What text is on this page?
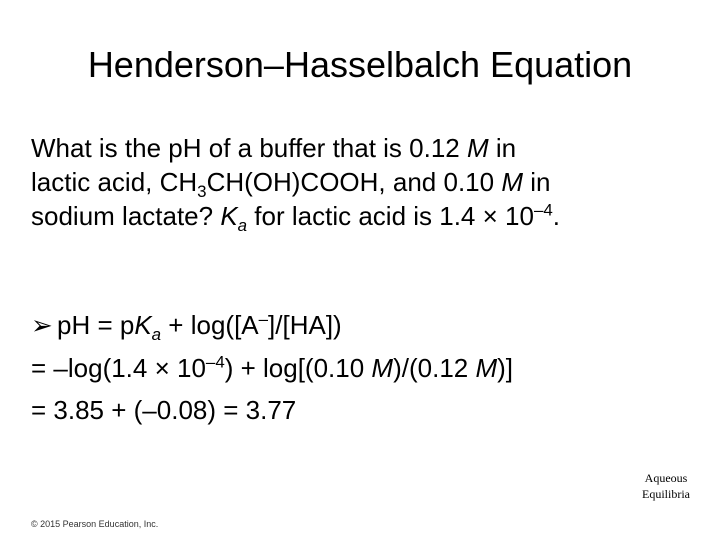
Henderson–Hasselbalch Equation
What is the pH of a buffer that is 0.12 M in
lactic acid, $CH_3CH(OH)COOH$, and 0.10 M in
sodium lactate? $K_a$ for lactic acid is $1.4 \times 10^{-4}$.
➢ pH = $pK_a + \log([A^-]/[HA])$
= $-\log(1.4 \times 10^{-4}) + \log[(0.10$ M)/(0.12 M)]
= 3.85 + (–0.08) = 3.77
Aqueous
Equilibria
© 2015 Pearson Education, Inc.
